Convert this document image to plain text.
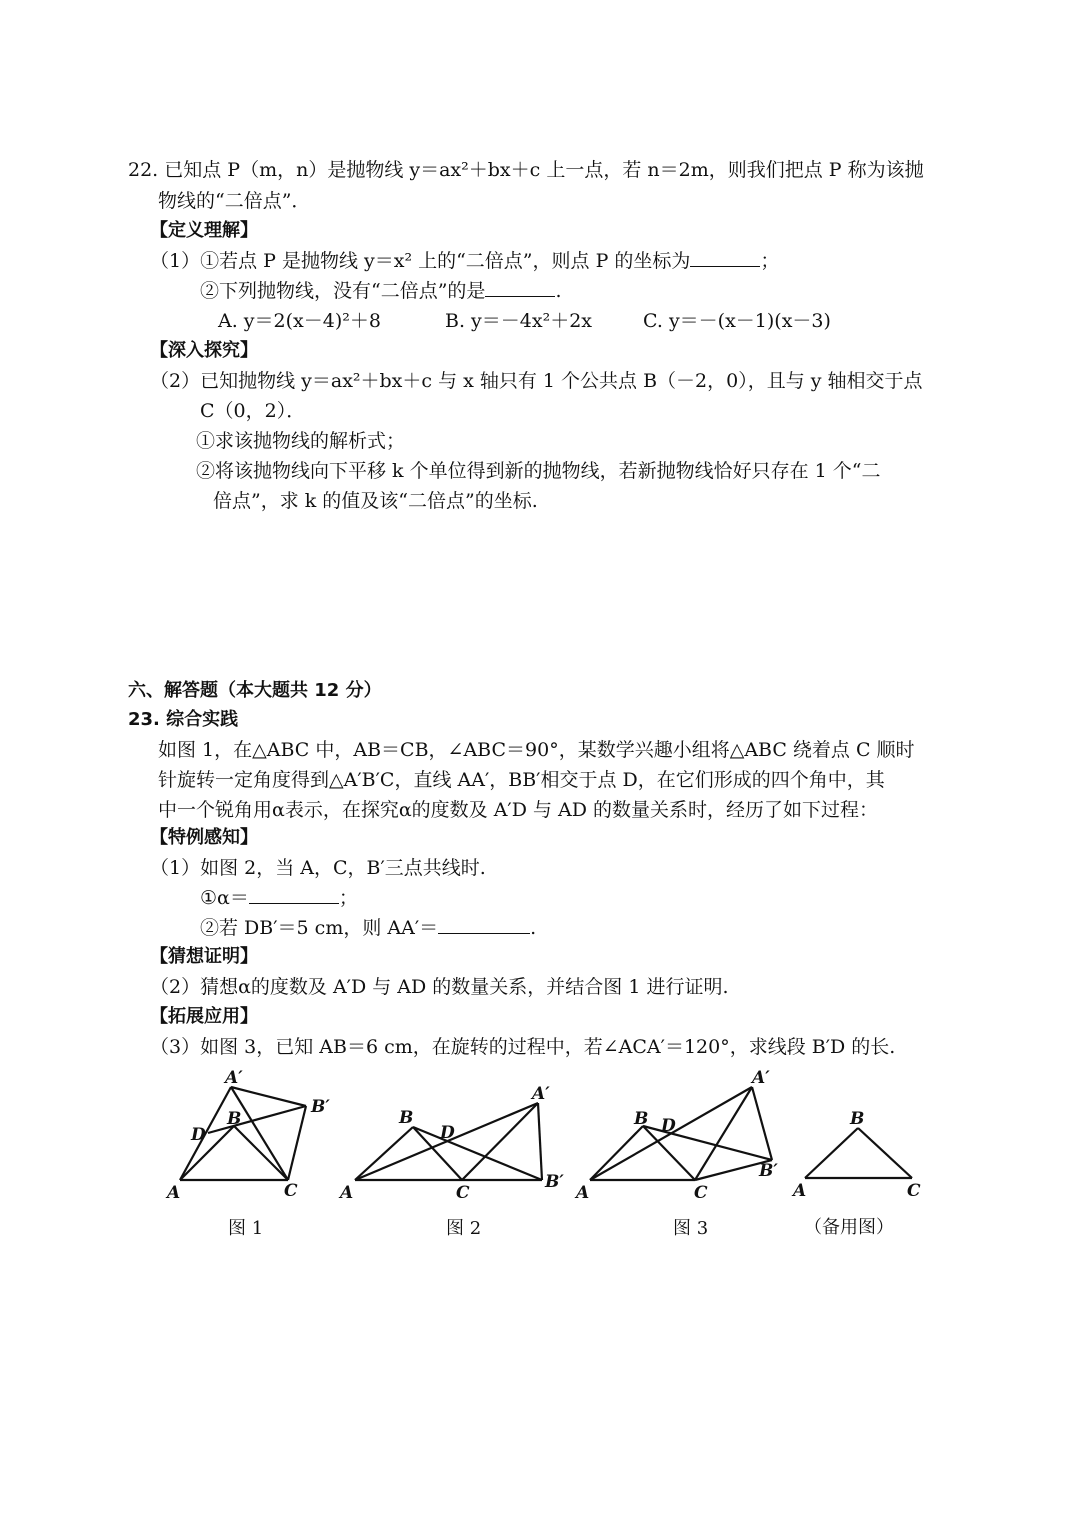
22. 已知点 P（m，n）是抛物线 y＝ax²＋bx＋c 上一点，若 n＝2m，则我们把点 P 称为该抛
物线的“二倍点”．
【定义理解】
（1）①若点 P 是抛物线 y＝x² 上的“二倍点”，则点 P 的坐标为	；
②下列抛物线，没有“二倍点”的是	.
A. y＝2(x－4)²＋8	B. y＝－4x²＋2x	C. y＝－(x－1)(x－3)
【深入探究】
（2）已知抛物线 y＝ax²＋bx＋c 与 x 轴只有 1 个公共点 B（－2，0），且与 y 轴相交于点
C（0，2）．
①求该抛物线的解析式；
②将该抛物线向下平移 k 个单位得到新的抛物线，若新抛物线恰好只存在 1 个“二
倍点”，求 k 的值及该“二倍点”的坐标.
六、解答题（本大题共 12 分）
23. 综合实践
如图 1，在△ABC 中，AB＝CB，∠ABC＝90°，某数学兴趣小组将△ABC 绕着点 C 顺时
针旋转一定角度得到△A′B′C，直线 AA′，BB′相交于点 D，在它们形成的四个角中，其
中一个锐角用α表示，在探究α的度数及 A′D 与 AD 的数量关系时，经历了如下过程：
【特例感知】
（1）如图 2，当 A，C，B′三点共线时.
①α＝	；
②若 DB′＝5 cm，则 AA′＝	.
【猜想证明】
（2）猜想α的度数及 A′D 与 AD 的数量关系，并结合图 1 进行证明.
【拓展应用】
（3）如图 3，已知 AB＝6 cm，在旋转的过程中，若∠ACA′＝120°，求线段 B′D 的长.
A′
B′
B
D
A	C
B
D
A′
A	C
B′
A′
B D
B′
A	C
B
A	C
图 1	图 2	图 3	（备用图）
